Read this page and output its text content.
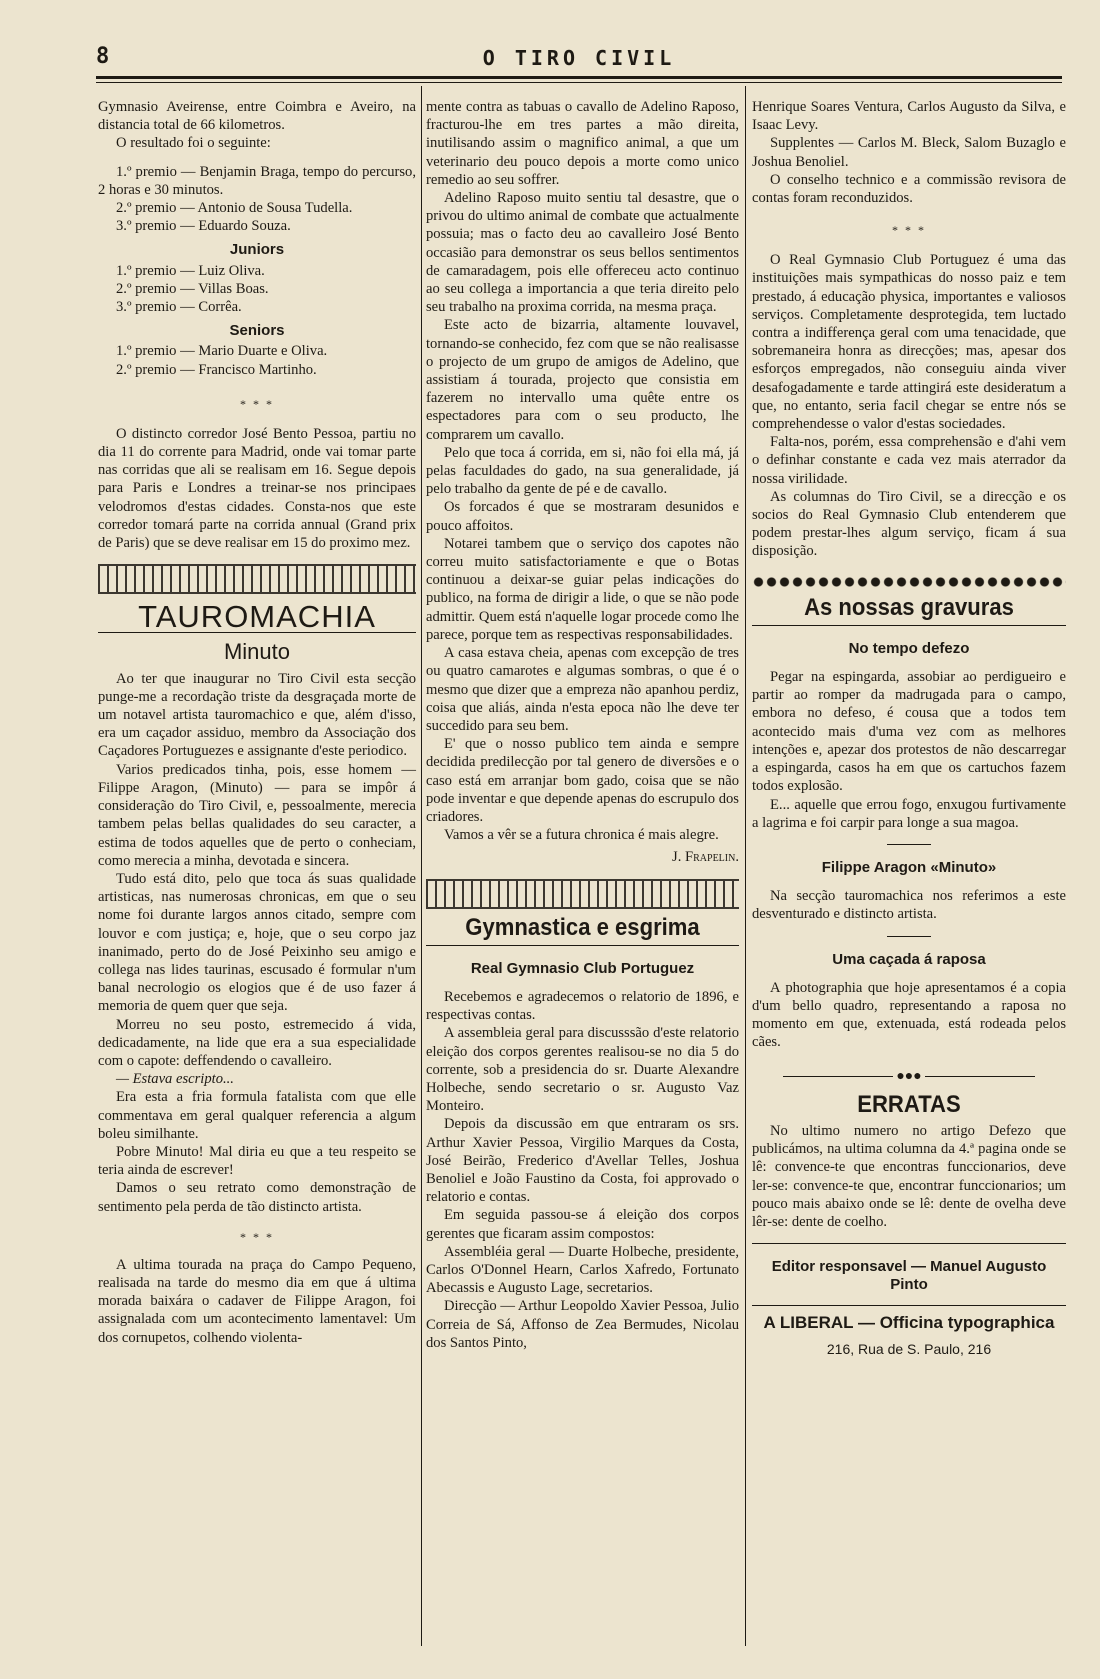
8	O TIRO CIVIL

Gymnasio Aveirense, entre Coimbra e Aveiro, na distancia total de 66 kilometros.

O resultado foi o seguinte:

1.º premio — Benjamin Braga, tempo do percurso, 2 horas e 30 minutos.

2.º premio — Antonio de Sousa Tudella.

3.º premio — Eduardo Souza.

Juniors

1.º premio — Luiz Oliva.

2.º premio — Villas Boas.

3.º premio — Corrêa.

Seniors

1.º premio — Mario Duarte e Oliva.

2.º premio — Francisco Martinho.

* * *

O distincto corredor José Bento Pessoa, partiu no dia 11 do corrente para Madrid, onde vai tomar parte nas corridas que ali se realisam em 16. Segue depois para Paris e Londres a treinar-se nos principaes velodromos d'estas cidades. Consta-nos que este corredor tomará parte na corrida annual (Grand prix de Paris) que se deve realisar em 15 do proximo mez.

TAUROMACHIA
Minuto

Ao ter que inaugurar no Tiro Civil esta secção punge-me a recordação triste da desgraçada morte de um notavel artista tauromachico e que, além d'isso, era um caçador assiduo, membro da Associação dos Caçadores Portuguezes e assignante d'este periodico.

Varios predicados tinha, pois, esse homem — Filippe Aragon, (Minuto) — para se impôr á consideração do Tiro Civil, e, pessoalmente, merecia tambem pelas bellas qualidades do seu caracter, a estima de todos aquelles que de perto o conheciam, como merecia a minha, devotada e sincera.

Tudo está dito, pelo que toca ás suas qualidade artisticas, nas numerosas chronicas, em que o seu nome foi durante largos annos citado, sempre com louvor e com justiça; e, hoje, que o seu corpo jaz inanimado, perto do de José Peixinho seu amigo e collega nas lides taurinas, escusado é formular n'um banal necrologio os elogios que é de uso fazer á memoria de quem quer que seja.

Morreu no seu posto, estremecido á vida, dedicadamente, na lide que era a sua especialidade com o capote: deffendendo o cavalleiro.

— Estava escripto...

Era esta a fria formula fatalista com que elle commentava em geral qualquer referencia a algum boleu similhante.

Pobre Minuto! Mal diria eu que a teu respeito se teria ainda de escrever!

Damos o seu retrato como demonstração de sentimento pela perda de tão distincto artista.

* * *

A ultima tourada na praça do Campo Pequeno, realisada na tarde do mesmo dia em que á ultima morada baixára o cadaver de Filippe Aragon, foi assignalada com um acontecimento lamentavel: Um dos cornupetos, colhendo violenta-

mente contra as tabuas o cavallo de Adelino Raposo, fracturou-lhe em tres partes a mão direita, inutilisando assim o magnifico animal, a que um veterinario deu pouco depois a morte como unico remedio ao seu soffrer.

Adelino Raposo muito sentiu tal desastre, que o privou do ultimo animal de combate que actualmente possuia; mas o facto deu ao cavalleiro José Bento occasião para demonstrar os seus bellos sentimentos de camaradagem, pois elle offereceu acto continuo ao seu collega a importancia a que teria direito pelo seu trabalho na proxima corrida, na mesma praça.

Este acto de bizarria, altamente louvavel, tornando-se conhecido, fez com que se não realisasse o projecto de um grupo de amigos de Adelino, que assistiam á tourada, projecto que consistia em fazerem no intervallo uma quête entre os espectadores para com o seu producto, lhe comprarem um cavallo.

Pelo que toca á corrida, em si, não foi ella má, já pelas faculdades do gado, na sua generalidade, já pelo trabalho da gente de pé e de cavallo.

Os forcados é que se mostraram desunidos e pouco affoitos.

Notarei tambem que o serviço dos capotes não correu muito satisfactoriamente e que o Botas continuou a deixar-se guiar pelas indicações do publico, na forma de dirigir a lide, o que se não pode admittir. Quem está n'aquelle logar procede como lhe parece, porque tem as respectivas responsabilidades.

A casa estava cheia, apenas com excepção de tres ou quatro camarotes e algumas sombras, o que é o mesmo que dizer que a empreza não apanhou perdiz, coisa que aliás, ainda n'esta epoca não lhe deve ter succedido para seu bem.

E' que o nosso publico tem ainda e sempre decidida predilecção por tal genero de diversões e o caso está em arranjar bom gado, coisa que se não pode inventar e que depende apenas do escrupulo dos criadores.

Vamos a vêr se a futura chronica é mais alegre.

J. Frapelin.
Gymnastica e esgrima
Real Gymnasio Club Portuguez

Recebemos e agradecemos o relatorio de 1896, e respectivas contas.

A assembleia geral para discusssão d'este relatorio eleição dos corpos gerentes realisou-se no dia 5 do corrente, sob a presidencia do sr. Duarte Alexandre Holbeche, sendo secretario o sr. Augusto Vaz Monteiro.

Depois da discussão em que entraram os srs. Arthur Xavier Pessoa, Virgilio Marques da Costa, José Beirão, Frederico d'Avellar Telles, Joshua Benoliel e João Faustino da Costa, foi approvado o relatorio e contas.

Em seguida passou-se á eleição dos corpos gerentes que ficaram assim compostos:

Assembléia geral — Duarte Holbeche, presidente, Carlos O'Donnel Hearn, Carlos Xafredo, Fortunato Abecassis e Augusto Lage, secretarios.

Direcção — Arthur Leopoldo Xavier Pessoa, Julio Correia de Sá, Affonso de Zea Bermudes, Nicolau dos Santos Pinto,

Henrique Soares Ventura, Carlos Augusto da Silva, e Isaac Levy.

Supplentes — Carlos M. Bleck, Salom Buzaglo e Joshua Benoliel.

O conselho technico e a commissão revisora de contas foram reconduzidos.

* * *

O Real Gymnasio Club Portuguez é uma das instituições mais sympathicas do nosso paiz e tem prestado, á educação physica, importantes e valiosos serviços. Completamente desprotegida, tem luctado contra a indifferença geral com uma tenacidade, que sobremaneira honra as direcções; mas, apesar dos esforços empregados, não conseguiu ainda viver desafogadamente e tarde attingirá este desideratum a que, no entanto, seria facil chegar se entre nós se comprehendesse o valor d'estas sociedades.

Falta-nos, porém, essa comprehensão e d'ahi vem o definhar constante e cada vez mais aterrador da nossa virilidade.

As columnas do Tiro Civil, se a direcção e os socios do Real Gymnasio Club entenderem que podem prestar-lhes algum serviço, ficam á sua disposição.

As nossas gravuras
No tempo defezo

Pegar na espingarda, assobiar ao perdigueiro e partir ao romper da madrugada para o campo, embora no defeso, é cousa que a todos tem acontecido mais d'uma vez com as melhores intenções e, apezar dos protestos de não descarregar a espingarda, casos ha em que os cartuchos fazem todos explosão.

E... aquelle que errou fogo, enxugou furtivamente a lagrima e foi carpir para longe a sua magoa.

Filippe Aragon «Minuto»

Na secção tauromachica nos referimos a este desventurado e distincto artista.

Uma caçada á raposa

A photographia que hoje apresentamos é a copia d'um bello quadro, representando a raposa no momento em que, extenuada, está rodeada pelos cães.

●●●
ERRATAS

No ultimo numero no artigo Defezo que publicámos, na ultima columna da 4.ª pagina onde se lê: convence-te que encontras funccionarios, deve ler-se: convence-te que, encontrar funccionarios; um pouco mais abaixo onde se lê: dente de ovelha deve lêr-se: dente de coelho.

Editor responsavel — Manuel Augusto Pinto
A LIBERAL — Officina typographica
216, Rua de S. Paulo, 216
